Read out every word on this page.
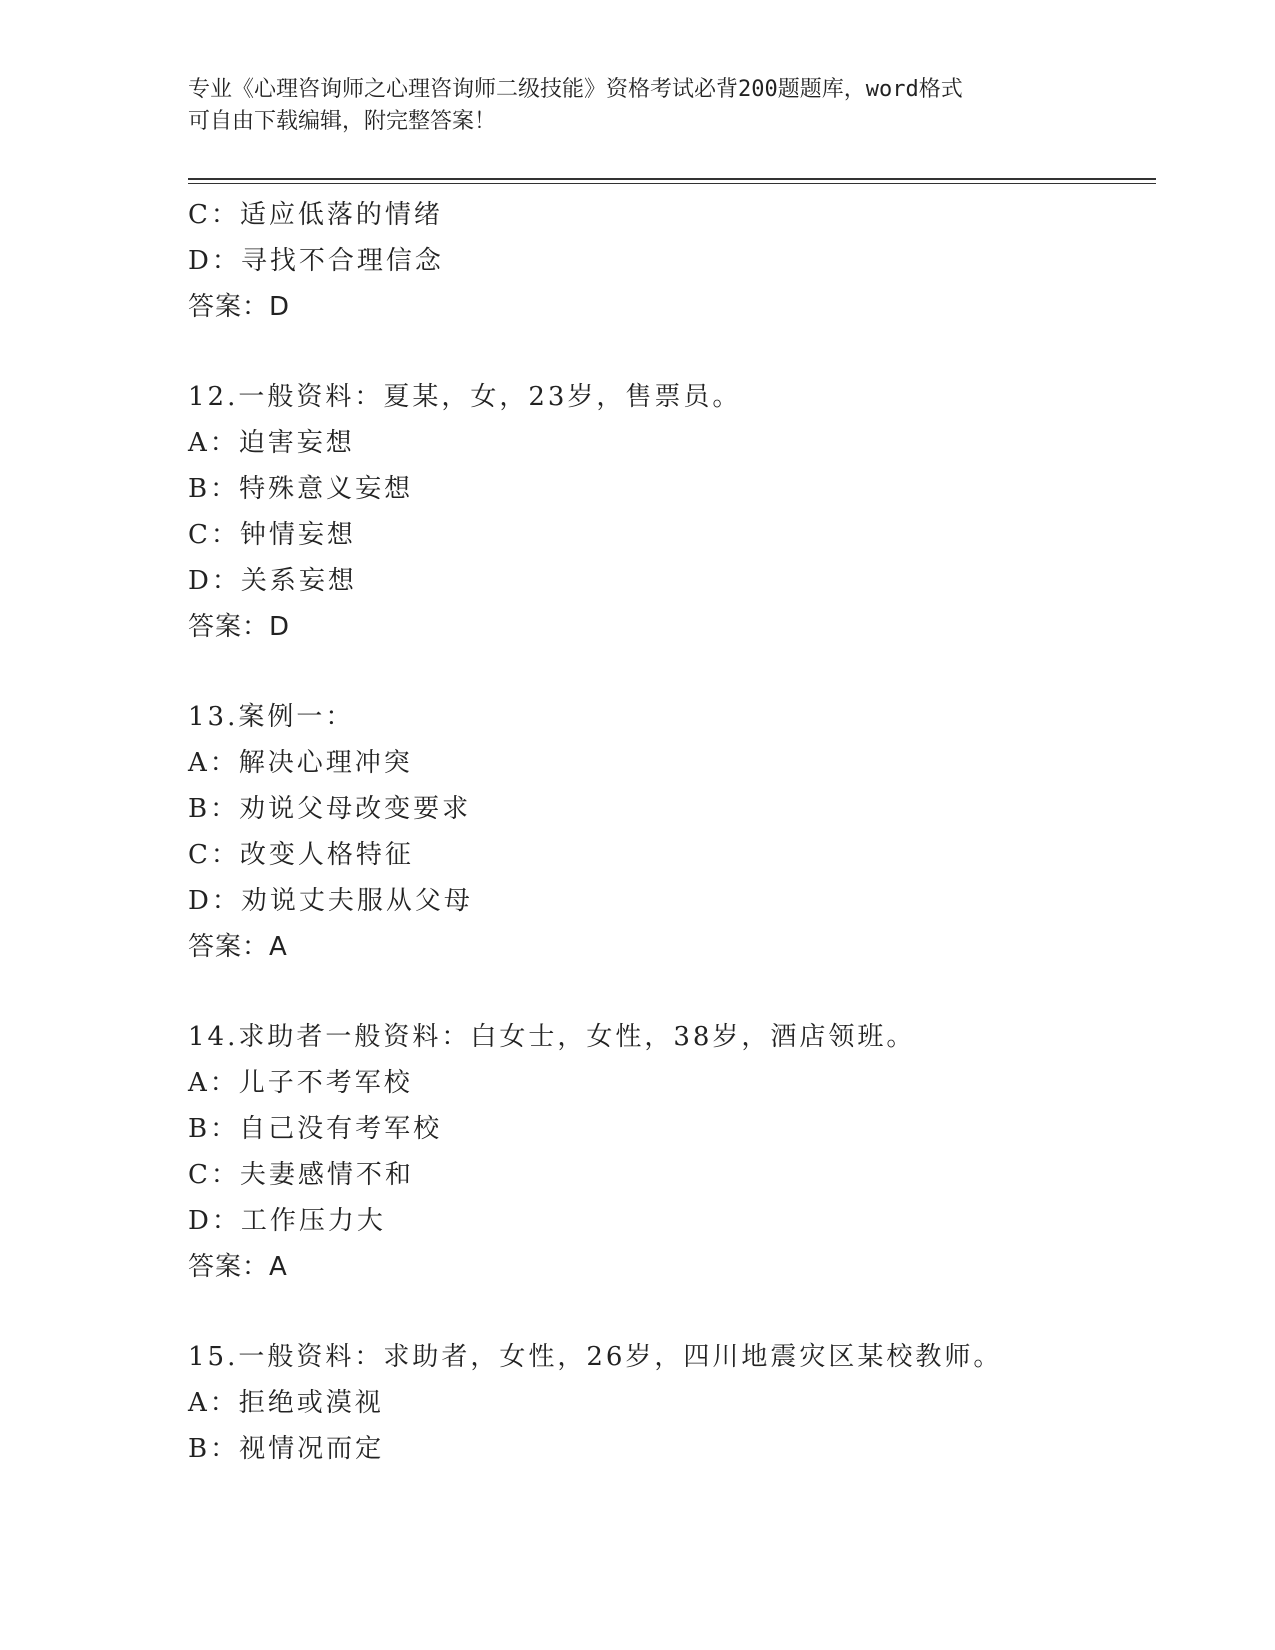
专业《心理咨询师之心理咨询师二级技能》资格考试必背200题题库，word格式
可自由下载编辑，附完整答案！
C：适应低落的情绪
D：寻找不合理信念
答案：D
12.一般资料：夏某，女，23岁，售票员。
A：迫害妄想
B：特殊意义妄想
C：钟情妄想
D：关系妄想
答案：D
13.案例一：
A：解决心理冲突
B：劝说父母改变要求
C：改变人格特征
D：劝说丈夫服从父母
答案：A
14.求助者一般资料：白女士，女性，38岁，酒店领班。
A：儿子不考军校
B：自己没有考军校
C：夫妻感情不和
D：工作压力大
答案：A
15.一般资料：求助者，女性，26岁，四川地震灾区某校教师。
A：拒绝或漠视
B：视情况而定
